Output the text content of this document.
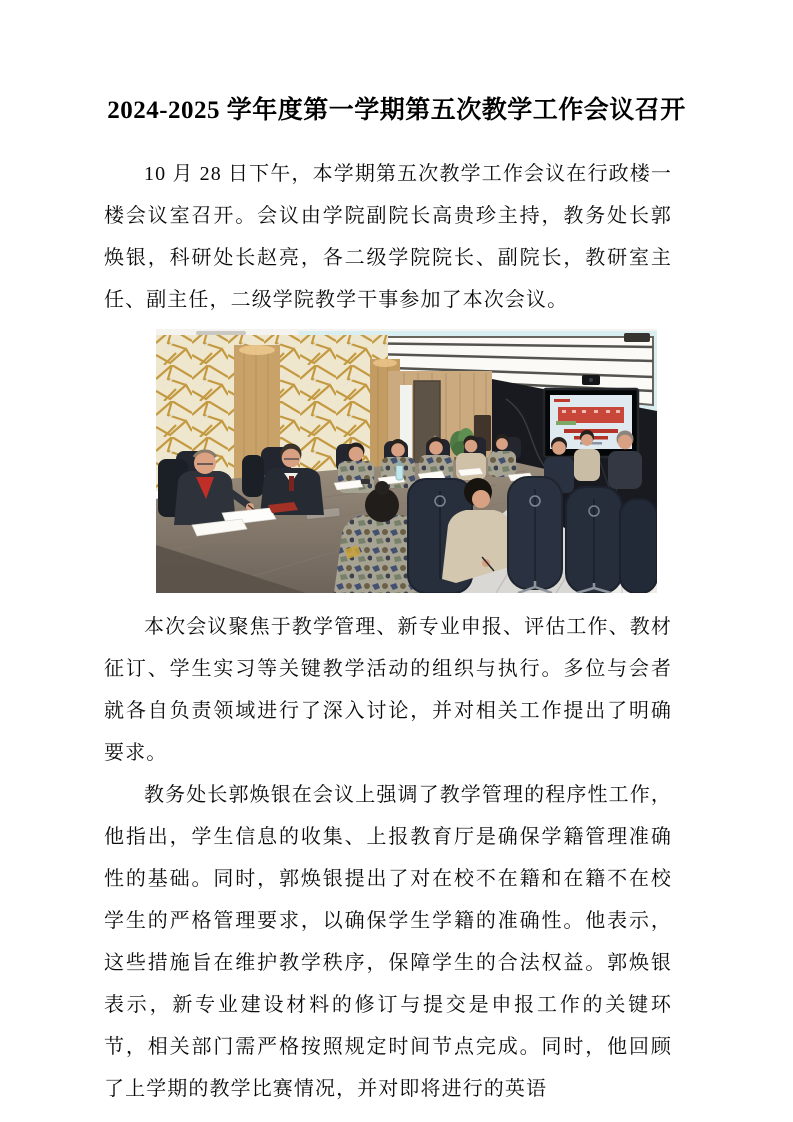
2024-2025 学年度第一学期第五次教学工作会议召开

10 月 28 日下午，本学期第五次教学工作会议在行政楼一楼会议室召开。会议由学院副院长高贵珍主持，教务处长郭焕银，科研处长赵亮，各二级学院院长、副院长，教研室主任、副主任，二级学院教学干事参加了本次会议。

本次会议聚焦于教学管理、新专业申报、评估工作、教材征订、学生实习等关键教学活动的组织与执行。多位与会者就各自负责领域进行了深入讨论，并对相关工作提出了明确要求。

教务处长郭焕银在会议上强调了教学管理的程序性工作，他指出，学生信息的收集、上报教育厅是确保学籍管理准确性的基础。同时，郭焕银提出了对在校不在籍和在籍不在校学生的严格管理要求，以确保学生学籍的准确性。他表示，这些措施旨在维护教学秩序，保障学生的合法权益。郭焕银表示，新专业建设材料的修订与提交是申报工作的关键环节，相关部门需严格按照规定时间节点完成。同时，他回顾了上学期的教学比赛情况，并对即将进行的英语
